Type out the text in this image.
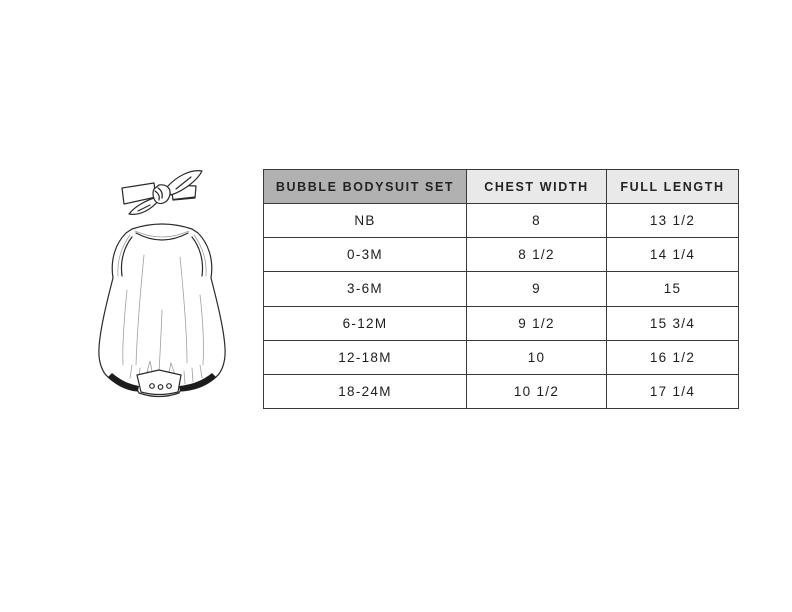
BUBBLE BODYSUIT SET	CHEST WIDTH	FULL LENGTH
NB	8	13 1/2
0-3M	8 1/2	14 1/4
3-6M	9	15
6-12M	9 1/2	15 3/4
12-18M	10	16 1/2
18-24M	10 1/2	17 1/4
